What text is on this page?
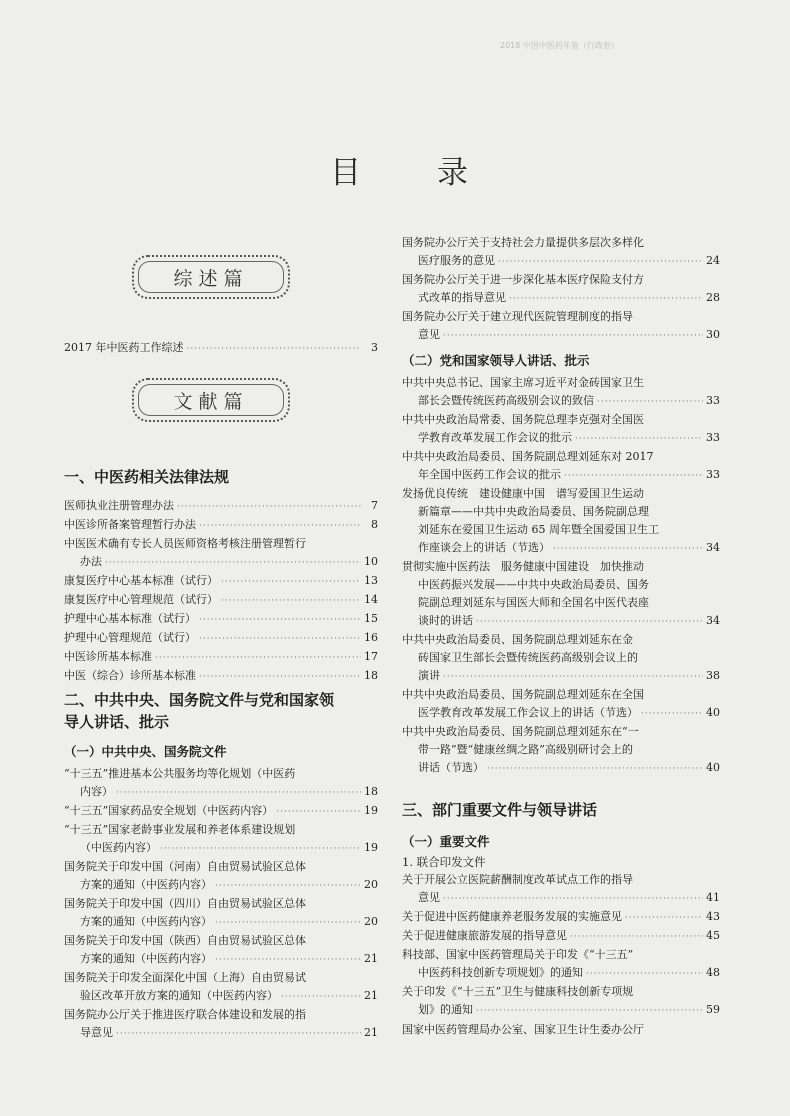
2018 中国中医药年鉴（行政卷）
目 录
综述篇
2017 年中医药工作综述 ·····	3
文献篇
一、中医药相关法律法规
医师执业注册管理办法 ·····	7
中医诊所备案管理暂行办法 ·····	8
中医医术确有专长人员医师资格考核注册管理暂行
办法 ·····	10
康复医疗中心基本标准（试行） ·····	13
康复医疗中心管理规范（试行） ·····	14
护理中心基本标准（试行） ·····	15
护理中心管理规范（试行） ·····	16
中医诊所基本标准 ·····	17
中医（综合）诊所基本标准 ·····	18
二、中共中央、国务院文件与党和国家领
导人讲话、批示
（一）中共中央、国务院文件
“十三五”推进基本公共服务均等化规划（中医药
内容） ·····	18
“十三五”国家药品安全规划（中医药内容） ·····	19
“十三五”国家老龄事业发展和养老体系建设规划
（中医药内容） ·····	19
国务院关于印发中国（河南）自由贸易试验区总体
方案的通知（中医药内容） ·····	20
国务院关于印发中国（四川）自由贸易试验区总体
方案的通知（中医药内容） ·····	20
国务院关于印发中国（陕西）自由贸易试验区总体
方案的通知（中医药内容） ·····	21
国务院关于印发全面深化中国（上海）自由贸易试
验区改革开放方案的通知（中医药内容） ·····	21
国务院办公厅关于推进医疗联合体建设和发展的指
导意见 ·····	21
国务院办公厅关于支持社会力量提供多层次多样化
医疗服务的意见 ·····	24
国务院办公厅关于进一步深化基本医疗保险支付方
式改革的指导意见 ·····	28
国务院办公厅关于建立现代医院管理制度的指导
意见 ·····	30
（二）党和国家领导人讲话、批示
中共中央总书记、国家主席习近平对金砖国家卫生
部长会暨传统医药高级别会议的致信 ·····	33
中共中央政治局常委、国务院总理李克强对全国医
学教育改革发展工作会议的批示 ·····	33
中共中央政治局委员、国务院副总理刘延东对 2017
年全国中医药工作会议的批示 ·····	33
发扬优良传统　建设健康中国　谱写爱国卫生运动
新篇章——中共中央政治局委员、国务院副总理
刘延东在爱国卫生运动 65 周年暨全国爱国卫生工
作座谈会上的讲话（节选） ·····	34
贯彻实施中医药法　服务健康中国建设　加快推动
中医药振兴发展——中共中央政治局委员、国务
院副总理刘延东与国医大师和全国名中医代表座
谈时的讲话 ·····	34
中共中央政治局委员、国务院副总理刘延东在金
砖国家卫生部长会暨传统医药高级别会议上的
演讲 ·····	38
中共中央政治局委员、国务院副总理刘延东在全国
医学教育改革发展工作会议上的讲话（节选） ·····	40
中共中央政治局委员、国务院副总理刘延东在“一
带一路”暨“健康丝绸之路”高级别研讨会上的
讲话（节选） ·····	40
三、部门重要文件与领导讲话
（一）重要文件
1. 联合印发文件
关于开展公立医院薪酬制度改革试点工作的指导
意见 ·····	41
关于促进中医药健康养老服务发展的实施意见 ·····	43
关于促进健康旅游发展的指导意见 ·····	45
科技部、国家中医药管理局关于印发《“十三五”
中医药科技创新专项规划》的通知 ·····	48
关于印发《“十三五”卫生与健康科技创新专项规
划》的通知 ·····	59
国家中医药管理局办公室、国家卫生计生委办公厅
